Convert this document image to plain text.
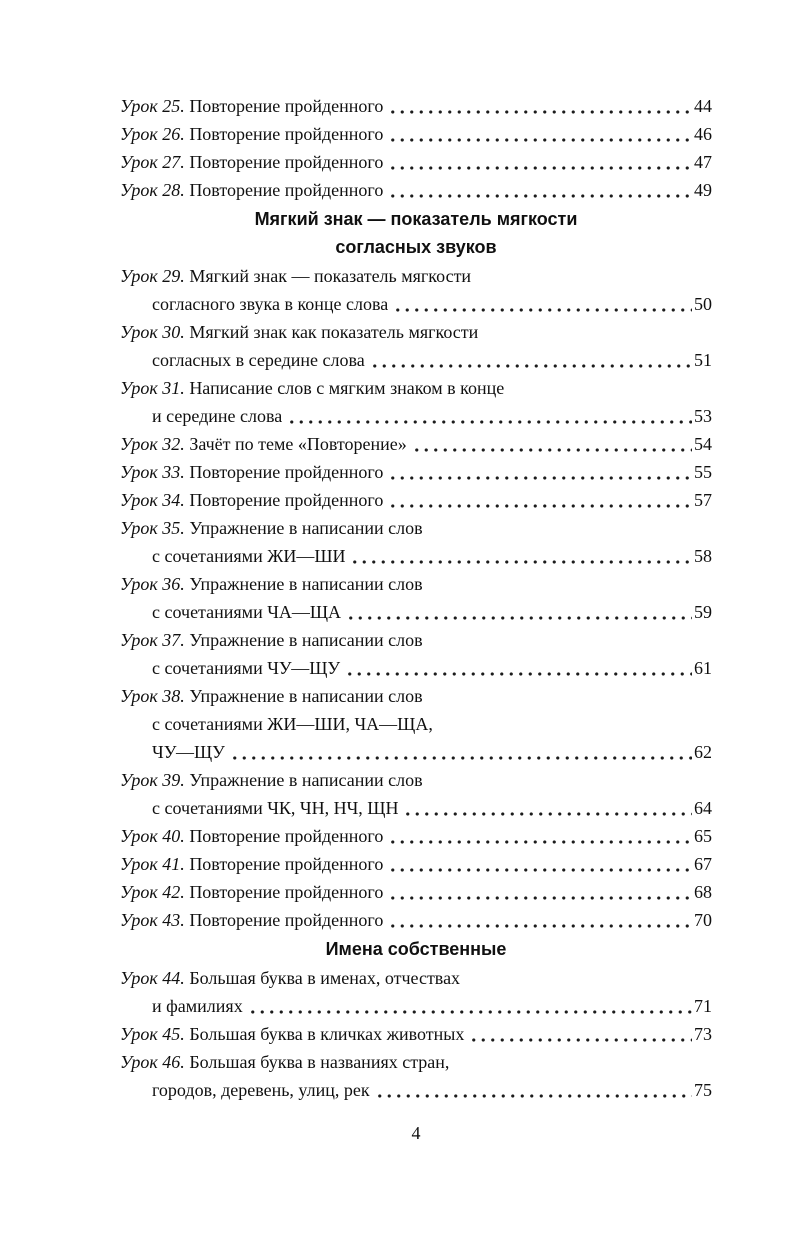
Урок 25. Повторение пройденного	44
Урок 26. Повторение пройденного	46
Урок 27. Повторение пройденного	47
Урок 28. Повторение пройденного	49
Мягкий знак — показатель мягкости
согласных звуков
Урок 29. Мягкий знак — показатель мягкости
согласного звука в конце слова	50
Урок 30. Мягкий знак как показатель мягкости
согласных в середине слова	51
Урок 31. Написание слов с мягким знаком в конце
и середине слова	53
Урок 32. Зачёт по теме «Повторение»	54
Урок 33. Повторение пройденного	55
Урок 34. Повторение пройденного	57
Урок 35. Упражнение в написании слов
с сочетаниями ЖИ—ШИ	58
Урок 36. Упражнение в написании слов
с сочетаниями ЧА—ЩА	59
Урок 37. Упражнение в написании слов
с сочетаниями ЧУ—ЩУ	61
Урок 38. Упражнение в написании слов
с сочетаниями ЖИ—ШИ, ЧА—ЩА,
ЧУ—ЩУ	62
Урок 39. Упражнение в написании слов
с сочетаниями ЧК, ЧН, НЧ, ЩН	64
Урок 40. Повторение пройденного	65
Урок 41. Повторение пройденного	67
Урок 42. Повторение пройденного	68
Урок 43. Повторение пройденного	70
Имена собственные
Урок 44. Большая буква в именах, отчествах
и фамилиях	71
Урок 45. Большая буква в кличках животных	73
Урок 46. Большая буква в названиях стран,
городов, деревень, улиц, рек	75
4
